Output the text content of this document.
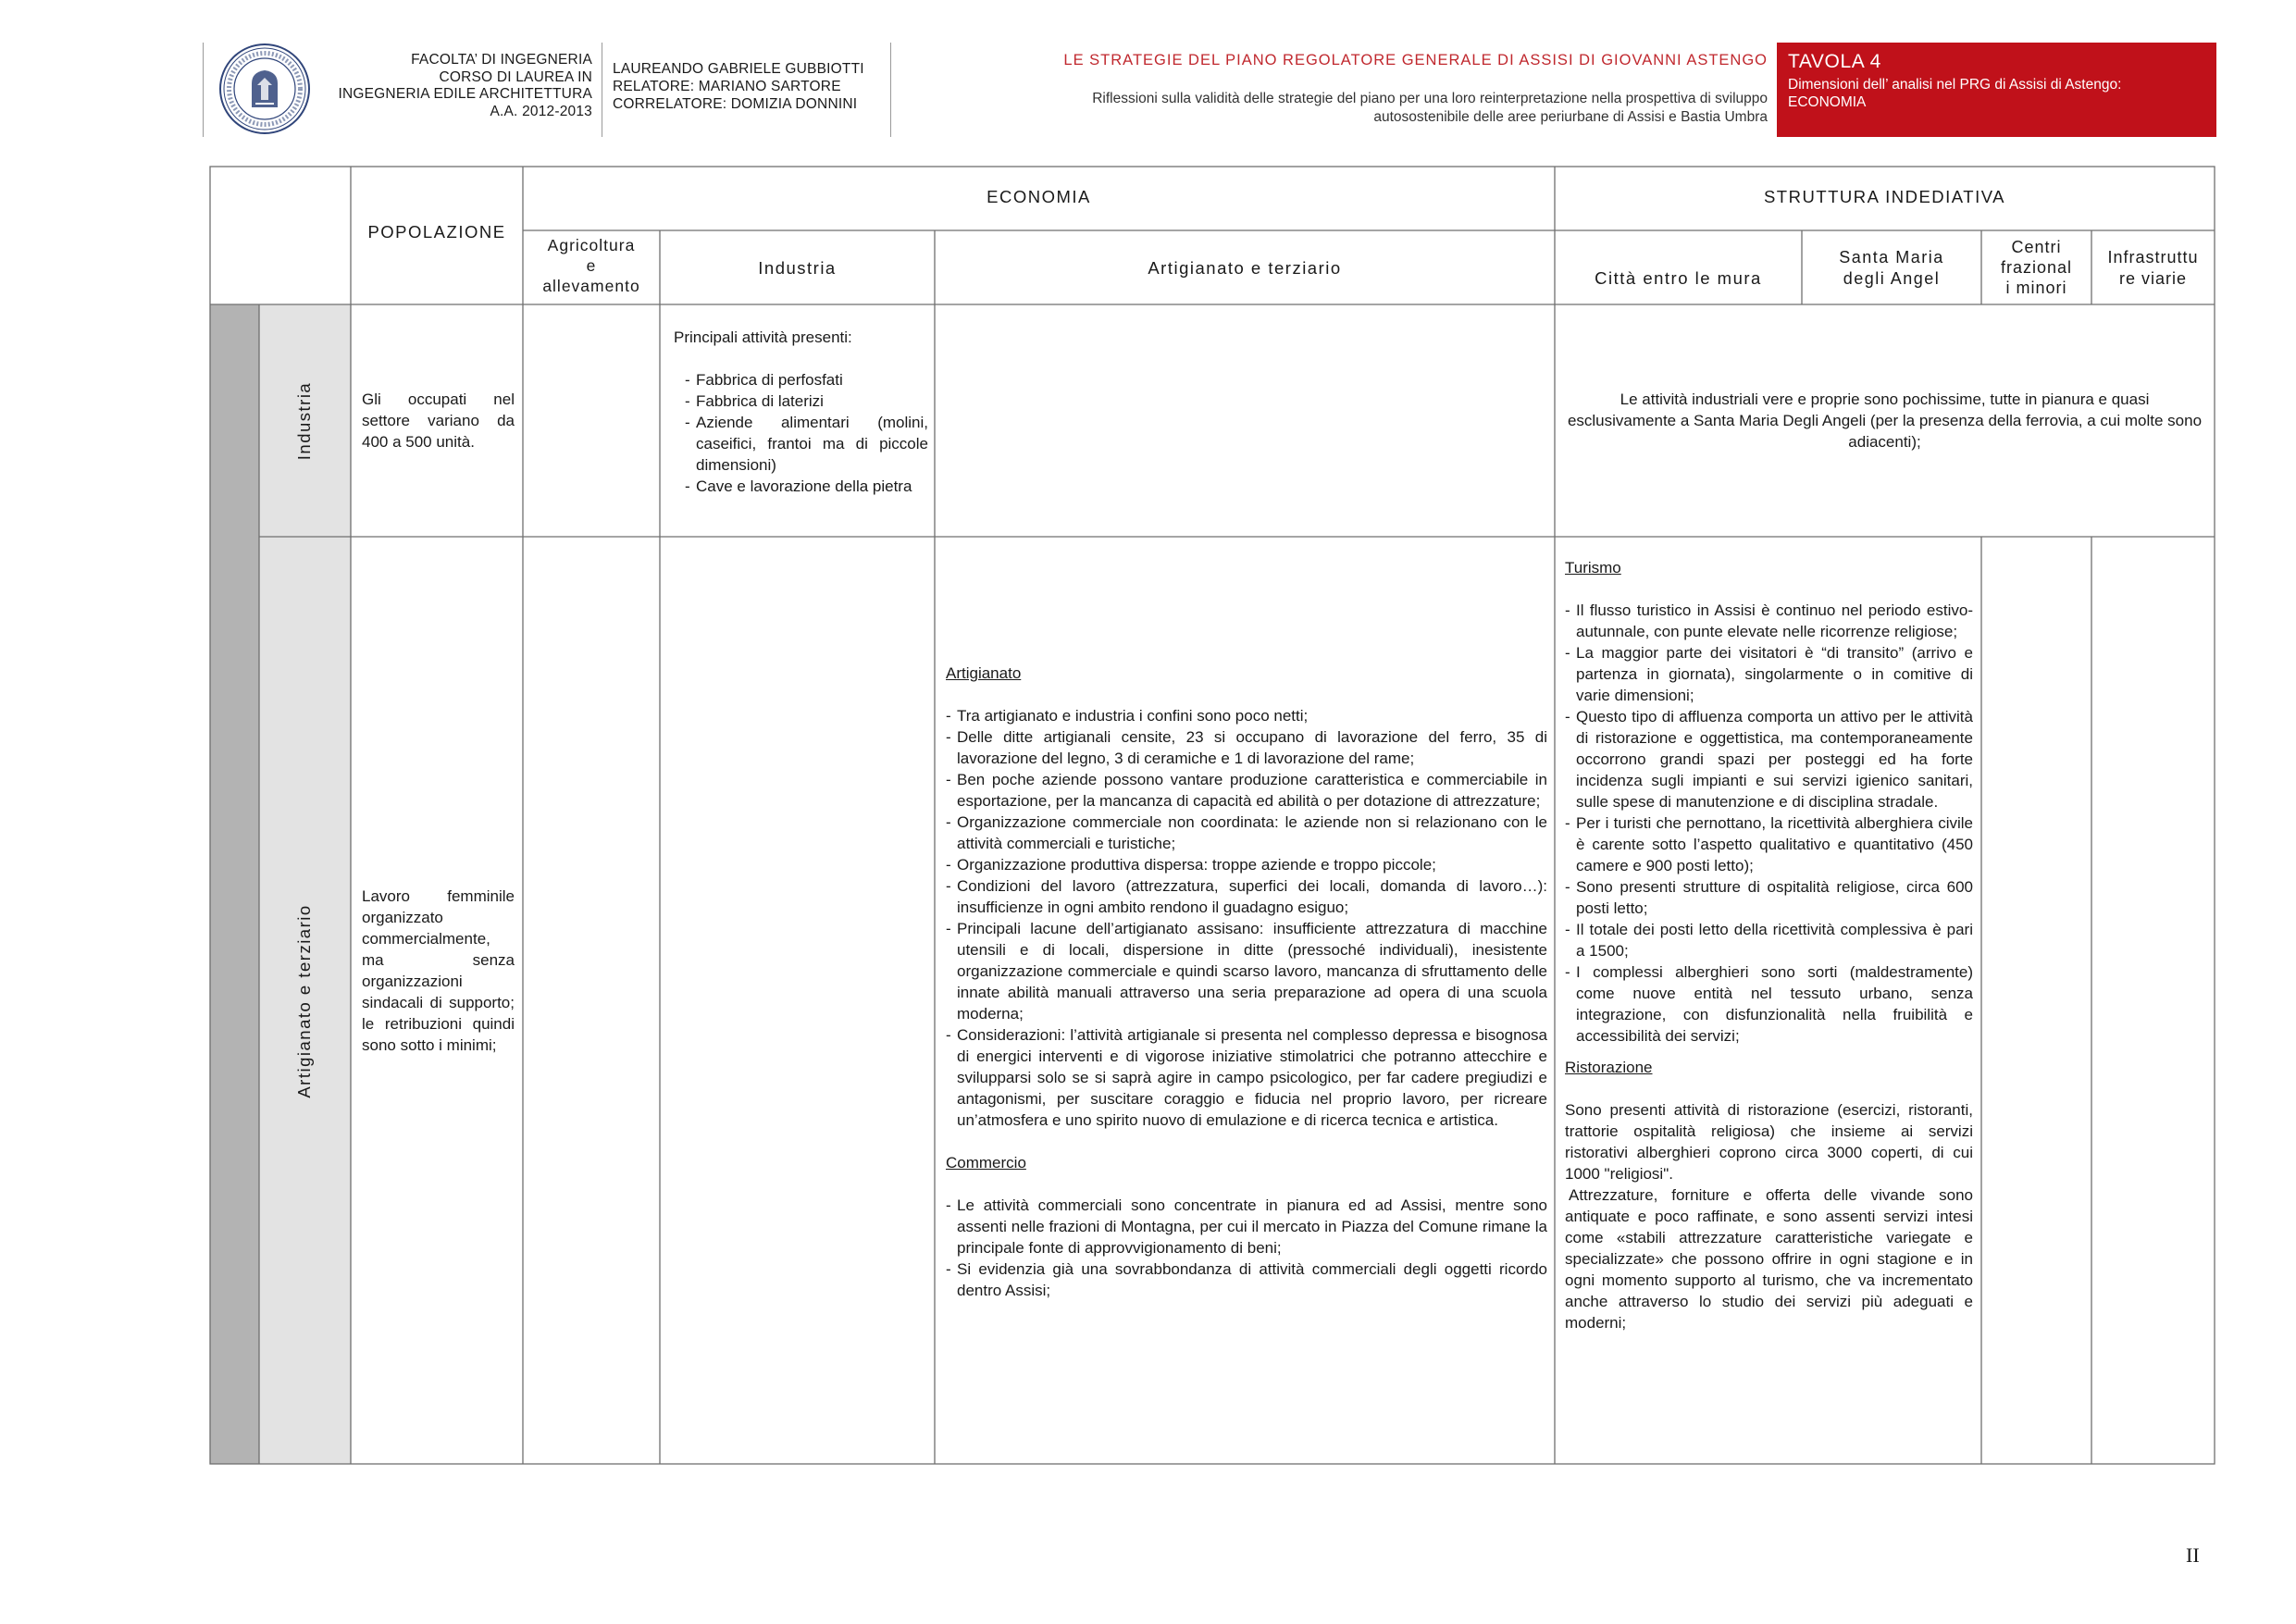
FACOLTA’ DI INGEGNERIA
CORSO DI LAUREA IN
INGEGNERIA EDILE ARCHITETTURA
A.A. 2012-2013
LAUREANDO GABRIELE GUBBIOTTI
RELATORE: MARIANO SARTORE
CORRELATORE: DOMIZIA DONNINI
LE STRATEGIE DEL PIANO REGOLATORE GENERALE DI ASSISI DI GIOVANNI ASTENGO
Riflessioni sulla validità delle strategie del piano per una loro reinterpretazione nella prospettiva di sviluppo
autosostenibile delle aree periurbane di Assisi e Bastia Umbra
TAVOLA 4
Dimensioni dell’ analisi nel PRG di Assisi di Astengo:
ECONOMIA
POPOLAZIONE
ECONOMIA	STRUTTURA INDEDIATIVA
Agricoltura
e
allevamento
Industria	Artigianato e terziario
Città entro le mura
Santa Maria
degli Angel
Centri
frazional
i minori
Infrastruttu
re viarie
Industria
Artigianato e terziario
Gli occupati nel settore variano da 400 a 500 unità.
Principali attività presenti:
- Fabbrica di perfosfati
- Fabbrica di laterizi
- Aziende alimentari (molini, caseifici, frantoi ma di piccole dimensioni)
- Cave e lavorazione della pietra
Le attività industriali vere e proprie sono pochissime, tutte in pianura e quasi esclusivamente a Santa Maria Degli Angeli (per la presenza della ferrovia, a cui molte sono adiacenti);
Lavoro femminile organizzato commercialmente, ma senza organizzazioni sindacali di supporto; le retribuzioni quindi sono sotto i minimi;
Artigianato
- Tra artigianato e industria i confini sono poco netti;
- Delle ditte artigianali censite, 23 si occupano di lavorazione del ferro, 35 di lavorazione del legno, 3 di ceramiche e 1 di lavorazione del rame;
- Ben poche aziende possono vantare produzione caratteristica e commerciabile in esportazione, per la mancanza di capacità ed abilità o per dotazione di attrezzature;
- Organizzazione commerciale non coordinata: le aziende non si relazionano con le attività commerciali e turistiche;
- Organizzazione produttiva dispersa: troppe aziende e troppo piccole;
- Condizioni del lavoro (attrezzatura, superfici dei locali, domanda di lavoro…): insufficienze in ogni ambito rendono il guadagno esiguo;
- Principali lacune dell’artigianato assisano: insufficiente attrezzatura di macchine utensili e di locali, dispersione in ditte (pressoché individuali), inesistente organizzazione commerciale e quindi scarso lavoro, mancanza di sfruttamento delle innate abilità manuali attraverso una seria preparazione ad opera di una scuola moderna;
- Considerazioni: l’attività artigianale si presenta nel complesso depressa e bisognosa di energici interventi e di vigorose iniziative stimolatrici che potranno attecchire e svilupparsi solo se si saprà agire in campo psicologico, per far cadere pregiudizi e antagonismi, per suscitare coraggio e fiducia nel proprio lavoro, per ricreare un’atmosfera e uno spirito nuovo di emulazione e di ricerca tecnica e artistica.
Commercio
- Le attività commerciali sono concentrate in pianura ed ad Assisi, mentre sono assenti nelle frazioni di Montagna, per cui il mercato in Piazza del Comune rimane la principale fonte di approvvigionamento di beni;
- Si evidenzia già una sovrabbondanza di attività commerciali degli oggetti ricordo dentro Assisi;
Turismo
- Il flusso turistico in Assisi è continuo nel periodo estivo-autunnale, con punte elevate nelle ricorrenze religiose;
- La maggior parte dei visitatori è “di transito” (arrivo e partenza in giornata), singolarmente o in comitive di varie dimensioni;
- Questo tipo di affluenza comporta un attivo per le attività di ristorazione e oggettistica, ma contemporaneamente occorrono grandi spazi per posteggi ed ha forte incidenza sugli impianti e sui servizi igienico sanitari, sulle spese di manutenzione e di disciplina stradale.
- Per i turisti che pernottano, la ricettività alberghiera civile è carente sotto l’aspetto qualitativo e quantitativo (450 camere e 900 posti letto);
- Sono presenti strutture di ospitalità religiose, circa 600 posti letto;
- Il totale dei posti letto della ricettività complessiva è pari a 1500;
- I complessi alberghieri sono sorti (maldestramente) come nuove entità nel tessuto urbano, senza integrazione, con disfunzionalità nella fruibilità e accessibilità dei servizi;
Ristorazione
Sono presenti attività di ristorazione (esercizi, ristoranti, trattorie ospitalità religiosa) che insieme ai servizi ristorativi alberghieri coprono circa 3000 coperti, di cui 1000 "religiosi".
Attrezzature, forniture e offerta delle vivande sono antiquate e poco raffinate, e sono assenti servizi intesi come «stabili attrezzature caratteristiche variegate e specializzate» che possono offrire in ogni stagione e in ogni momento supporto al turismo, che va incrementato anche attraverso lo studio dei servizi più adeguati e moderni;
II
